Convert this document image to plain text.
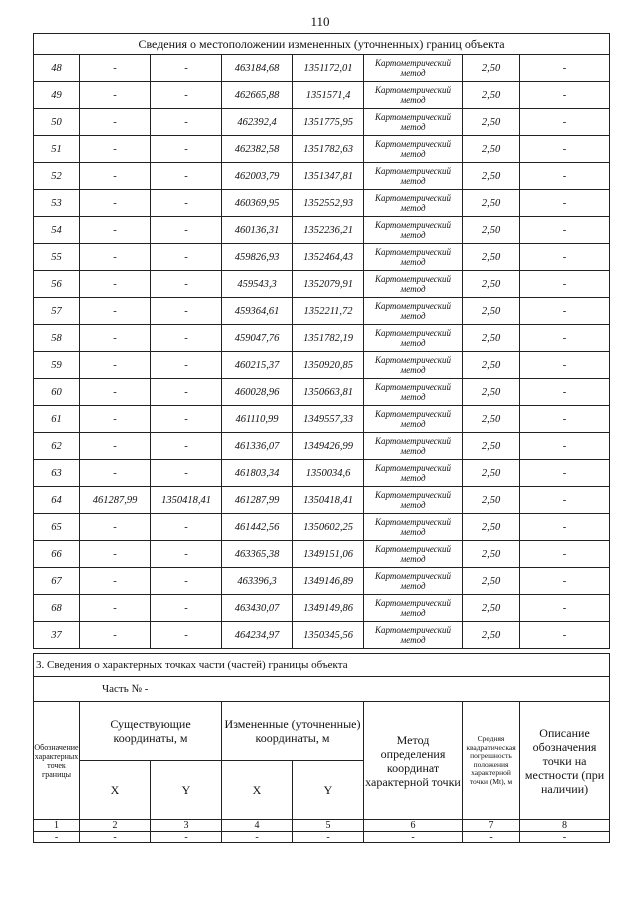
110
Сведения о местоположении измененных (уточненных) границ объекта							
48	-	-	463184,68	1351172,01	Картометрический метод	2,50	-
49	-	-	462665,88	1351571,4	Картометрический метод	2,50	-
50	-	-	462392,4	1351775,95	Картометрический метод	2,50	-
51	-	-	462382,58	1351782,63	Картометрический метод	2,50	-
52	-	-	462003,79	1351347,81	Картометрический метод	2,50	-
53	-	-	460369,95	1352552,93	Картометрический метод	2,50	-
54	-	-	460136,31	1352236,21	Картометрический метод	2,50	-
55	-	-	459826,93	1352464,43	Картометрический метод	2,50	-
56	-	-	459543,3	1352079,91	Картометрический метод	2,50	-
57	-	-	459364,61	1352211,72	Картометрический метод	2,50	-
58	-	-	459047,76	1351782,19	Картометрический метод	2,50	-
59	-	-	460215,37	1350920,85	Картометрический метод	2,50	-
60	-	-	460028,96	1350663,81	Картометрический метод	2,50	-
61	-	-	461110,99	1349557,33	Картометрический метод	2,50	-
62	-	-	461336,07	1349426,99	Картометрический метод	2,50	-
63	-	-	461803,34	1350034,6	Картометрический метод	2,50	-
64	461287,99	1350418,41	461287,99	1350418,41	Картометрический метод	2,50	-
65	-	-	461442,56	1350602,25	Картометрический метод	2,50	-
66	-	-	463365,38	1349151,06	Картометрический метод	2,50	-
67	-	-	463396,3	1349146,89	Картометрический метод	2,50	-
68	-	-	463430,07	1349149,86	Картометрический метод	2,50	-
37	-	-	464234,97	1350345,56	Картометрический метод	2,50	-
3. Сведения о характерных точках части (частей) границы объекта							
Часть № -							
Обозначение характерных точек границы	Существующие координаты, м		Измененные (уточненные) координаты, м		Метод определения координат характерной точки	Средняя квадратическая погрешность положения характерной точки (Мt), м	Описание обозначения точки на местности (при наличии)
	X	Y	X	Y			
1	2	3	4	5	6	7	8
-	-	-	-	-	-	-	-
